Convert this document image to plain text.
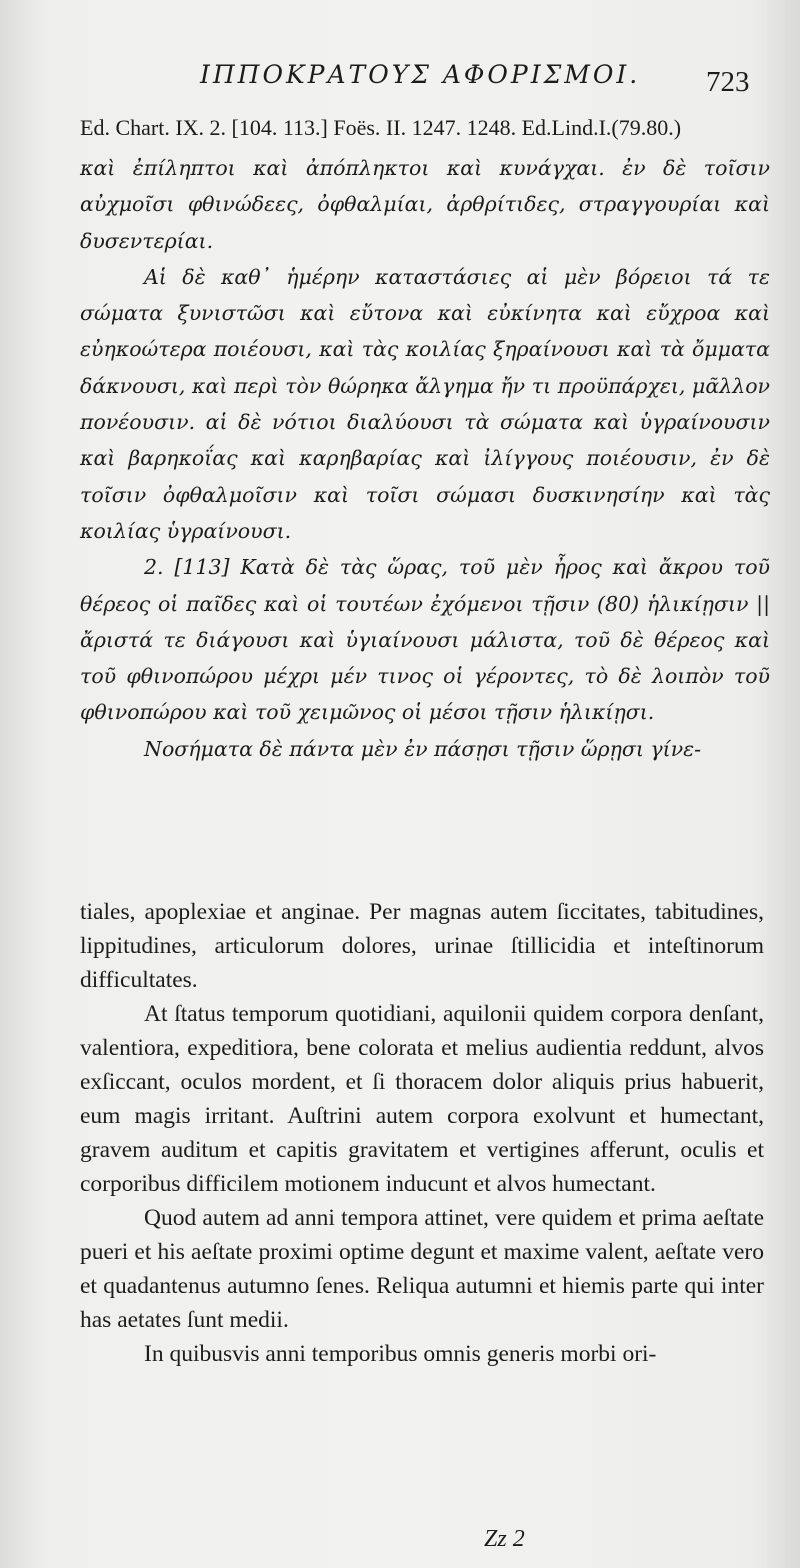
ΙΠΠΟΚΡΑΤΟΥΣ ΑΦΟΡΙΣΜΟΙ. 723
Ed. Chart. IX. 2. [104. 113.] Foës. II. 1247. 1248. Ed.Lind.I.(79.80.)

καὶ ἐπίληπτοι καὶ ἀπόπληκτοι καὶ κυνάγχαι. ἐν δὲ τοῖσιν αὐχμοῖσι φθινώδεες, ὀφθαλμίαι, ἀρθρίτιδες, στραγγουρίαι καὶ δυσεντερίαι.

Αἱ δὲ καθ᾽ ἡμέρην καταστάσιες αἱ μὲν βόρειοι τά τε σώματα ξυνιστῶσι καὶ εὔτονα καὶ εὐκίνητα καὶ εὔχροα καὶ εὐηκοώτερα ποιέουσι, καὶ τὰς κοιλίας ξηραίνουσι καὶ τὰ ὄμματα δάκνουσι, καὶ περὶ τὸν θώρηκα ἄλγημα ἤν τι προϋπάρχει, μᾶλλον πονέουσιν. αἱ δὲ νότιοι διαλύουσι τὰ σώματα καὶ ὑγραίνουσιν καὶ βαρηκοΐας καὶ καρηβαρίας καὶ ἰλίγγους ποιέουσιν, ἐν δὲ τοῖσιν ὀφθαλμοῖσιν καὶ τοῖσι σώμασι δυσκινησίην καὶ τὰς κοιλίας ὑγραίνουσι.

2. [113] Κατὰ δὲ τὰς ὥρας, τοῦ μὲν ἦρος καὶ ἄκρου τοῦ θέρεος οἱ παῖδες καὶ οἱ τουτέων ἐχόμενοι τῇσιν (80) ἡλικίῃσιν || ἄριστά τε διάγουσι καὶ ὑγιαίνουσι μάλιστα, τοῦ δὲ θέρεος καὶ τοῦ φθινοπώρου μέχρι μέν τινος οἱ γέροντες, τὸ δὲ λοιπὸν τοῦ φθινοπώρου καὶ τοῦ χειμῶνος οἱ μέσοι τῇσιν ἡλικίῃσι.

Νοσήματα δὲ πάντα μὲν ἐν πάσῃσι τῇσιν ὥρῃσι γίνε-

tiales, apoplexiae et anginae. Per magnas autem ſiccitates, tabitudines, lippitudines, articulorum dolores, urinae ſtillicidia et inteſtinorum difficultates.

At ſtatus temporum quotidiani, aquilonii quidem corpora denſant, valentiora, expeditiora, bene colorata et melius audientia reddunt, alvos exſiccant, oculos mordent, et ſi thoracem dolor aliquis prius habuerit, eum magis irritant. Auſtrini autem corpora exolvunt et humectant, gravem auditum et capitis gravitatem et vertigines afferunt, oculis et corporibus difficilem motionem inducunt et alvos humectant.

Quod autem ad anni tempora attinet, vere quidem et prima aeſtate pueri et his aeſtate proximi optime degunt et maxime valent, aeſtate vero et quadantenus autumno ſenes. Reliqua autumni et hiemis parte qui inter has aetates ſunt medii.

In quibusvis anni temporibus omnis generis morbi ori-

Zz 2
